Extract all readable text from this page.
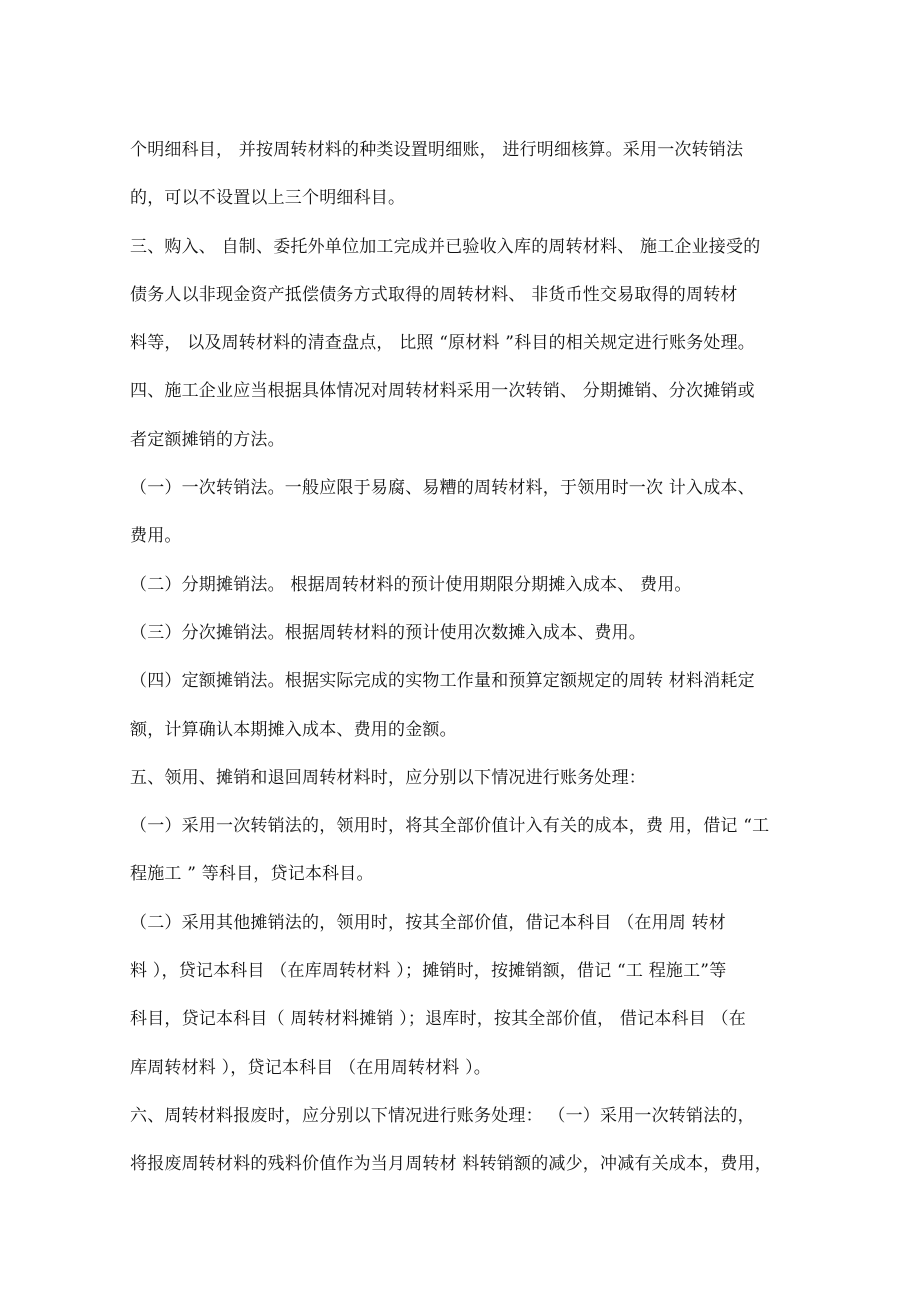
个明细科目， 并按周转材料的种类设置明细账， 进行明细核算。采用一次转销法
的，可以不设置以上三个明细科目。
三、购入、 自制、委托外单位加工完成并已验收入库的周转材料、 施工企业接受的
债务人以非现金资产抵偿债务方式取得的周转材料、 非货币性交易取得的周转材
料等， 以及周转材料的清查盘点， 比照 “原材料 ”科目的相关规定进行账务处理。
四、施工企业应当根据具体情况对周转材料采用一次转销、 分期摊销、分次摊销或
者定额摊销的方法。
（一）一次转销法。一般应限于易腐、易糟的周转材料，于领用时一次 计入成本、
费用。
（二）分期摊销法。 根据周转材料的预计使用期限分期摊入成本、 费用。
（三）分次摊销法。根据周转材料的预计使用次数摊入成本、费用。
（四）定额摊销法。根据实际完成的实物工作量和预算定额规定的周转 材料消耗定
额，计算确认本期摊入成本、费用的金额。
五、领用、摊销和退回周转材料时，应分别以下情况进行账务处理：
（一）采用一次转销法的，领用时，将其全部价值计入有关的成本，费 用，借记 “工
程施工 ” 等科目，贷记本科目。
（二）采用其他摊销法的，领用时，按其全部价值，借记本科目 （在用周 转材
料 ），贷记本科目 （在库周转材料 ）；摊销时，按摊销额，借记 “工 程施工”等
科目，贷记本科目（ 周转材料摊销 ）；退库时，按其全部价值， 借记本科目 （在
库周转材料 ），贷记本科目 （在用周转材料 ）。
六、周转材料报废时，应分别以下情况进行账务处理： （一）采用一次转销法的，
将报废周转材料的残料价值作为当月周转材 料转销额的减少，冲减有关成本，费用，
